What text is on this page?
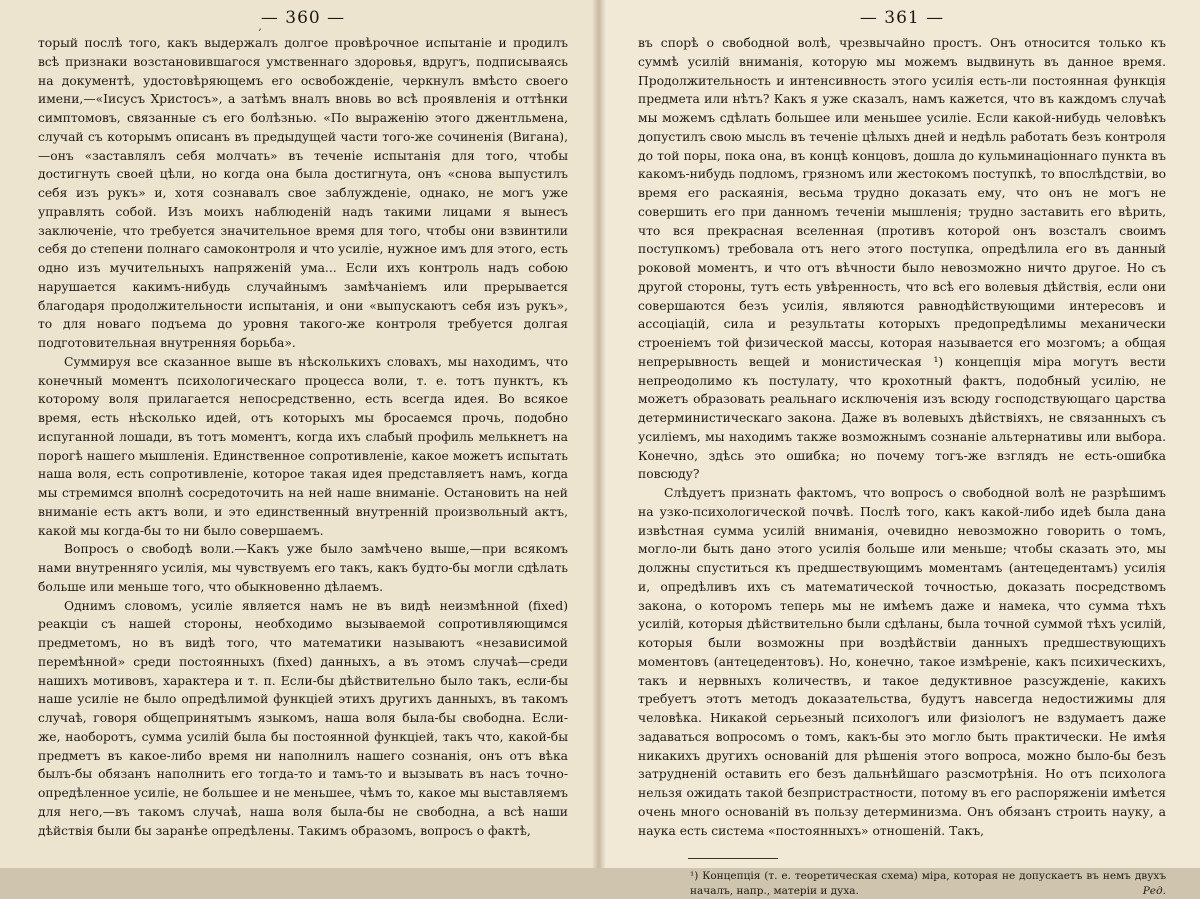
— 360 —
ʼ

торый послѣ того, какъ выдержалъ долгое провѣрочное испытаніе и продилъ всѣ признаки возстановившагося умственнаго здоровья, вдругъ, подписываясь на документѣ, удостовѣряющемъ его освобожденіе, черкнулъ вмѣсто своего имени,—«Іисусъ Христосъ», а затѣмъ вналъ вновь во всѣ проявленія и оттѣнки симптомовъ, связанные съ его болѣзнью. «По выраженію этого джентльмена, случай съ которымъ описанъ въ предыдущей части того-же сочиненія (Вигана),—онъ «заставлялъ себя молчать» въ теченіе испытанія для того, чтобы достигнуть своей цѣли, но когда она была достигнута, онъ «снова выпустилъ себя изъ рукъ» и, хотя сознавалъ свое заблужденіе, однако, не могъ уже управлять собой. Изъ моихъ наблюденій надъ такими лицами я вынесъ заключеніе, что требуется значительное время для того, чтобы они взвинтили себя до степени полнаго самоконтроля и что усиліе, нужное имъ для этого, есть одно изъ мучительныхъ напряженій ума... Если ихъ контроль надъ собою нарушается какимъ-нибудь случайнымъ замѣчаніемъ или прерывается благодаря продолжительности испытанія, и они «выпускаютъ себя изъ рукъ», то для новаго подъема до уровня такого-же контроля требуется долгая подготовительная внутренняя борьба».

Суммируя все сказанное выше въ нѣсколькихъ словахъ, мы находимъ, что конечный моментъ психологическаго процесса воли, т. е. тотъ пунктъ, къ которому воля прилагается непосредственно, есть всегда идея. Во всякое время, есть нѣсколько идей, отъ которыхъ мы бросаемся прочь, подобно испуганной лошади, въ тотъ моментъ, когда ихъ слабый профиль мелькнетъ на порогѣ нашего мышленія. Единственное сопротивленіе, какое можетъ испытать наша воля, есть сопротивленіе, которое такая идея представляетъ намъ, когда мы стремимся вполнѣ сосредоточить на ней наше вниманіе. Остановить на ней вниманіе есть актъ воли, и это единственный внутренній произвольный актъ, какой мы когда-бы то ни было совершаемъ.

Вопросъ о свободѣ воли.—Какъ уже было замѣчено выше,—при всякомъ нами внутренняго усилія, мы чувствуемъ его такъ, какъ будто-бы могли сдѣлать больше или меньше того, что обыкновенно дѣлаемъ.

Однимъ словомъ, усиліе является намъ не въ видѣ неизмѣнной (fixed) реакціи съ нашей стороны, необходимо вызываемой сопротивляющимся предметомъ, но въ видѣ того, что математики называютъ «независимой перемѣнной» среди постоянныхъ (fixed) данныхъ, а въ этомъ случаѣ—среди нашихъ мотивовъ, характера и т. п. Если-бы дѣйствительно было такъ, если-бы наше усиліе не было опредѣлимой функціей этихъ другихъ данныхъ, въ такомъ случаѣ, говоря общепринятымъ языкомъ, наша воля была-бы свободна. Если-же, наоборотъ, сумма усилій была бы постоянной функціей, такъ что, какой-бы предметъ въ какое-либо время ни наполнилъ нашего сознанія, онъ отъ вѣка былъ-бы обязанъ наполнить его тогда-то и тамъ-то и вызывать въ насъ точно-опредѣленное усиліе, не большее и не меньшее, чѣмъ то, какое мы выставляемъ для него,—въ такомъ случаѣ, наша воля была-бы не свободна, а всѣ наши дѣйствія были бы заранѣе опредѣлены. Такимъ образомъ, вопросъ о фактѣ,

— 361 —

въ спорѣ о свободной волѣ, чрезвычайно простъ. Онъ относится только къ суммѣ усилій вниманія, которую мы можемъ выдвинуть въ данное время. Продолжительность и интенсивность этого усилія есть-ли постоянная функція предмета или нѣтъ? Какъ я уже сказалъ, намъ кажется, что въ каждомъ случаѣ мы можемъ сдѣлать большее или меньшее усиліе. Если какой-нибудь человѣкъ допустилъ свою мысль въ теченіе цѣлыхъ дней и недѣль работать безъ контроля до той поры, пока она, въ концѣ концовъ, дошла до кульминаціоннаго пункта въ какомъ-нибудь подломъ, грязномъ или жестокомъ поступкѣ, то впослѣдствіи, во время его раскаянія, весьма трудно доказать ему, что онъ не могъ не совершить его при данномъ теченіи мышленія; трудно заставить его вѣрить, что вся прекрасная вселенная (противъ которой онъ возсталъ своимъ поступкомъ) требовала отъ него этого поступка, опредѣлила его въ данный роковой моментъ, и что отъ вѣчности было невозможно ничто другое. Но съ другой стороны, тутъ есть увѣренность, что всѣ его волевыя дѣйствія, если они совершаются безъ усилія, являются равнодѣйствующими интересовъ и ассоціацій, сила и результаты которыхъ предопредѣлимы механически строеніемъ той физической массы, которая называется его мозгомъ; а общая непрерывность вещей и монистическая ¹) концепція міра могутъ вести непреодолимо къ постулату, что крохотный фактъ, подобный усилію, не можетъ образовать реальнаго исключенія изъ всюду господствующаго царства детерминистическаго закона. Даже въ волевыхъ дѣйствіяхъ, не связанныхъ съ усиліемъ, мы находимъ также возможнымъ сознаніе альтернативы или выбора. Конечно, здѣсь это ошибка; но почему тогъ-же взглядъ не есть-ошибка повсюду?

Слѣдуетъ признать фактомъ, что вопросъ о свободной волѣ не разрѣшимъ на узко-психологической почвѣ. Послѣ того, какъ какой-либо идеѣ была дана извѣстная сумма усилій вниманія, очевидно невозможно говорить о томъ, могло-ли быть дано этого усилія больше или меньше; чтобы сказать это, мы должны спуститься къ предшествующимъ моментамъ (антецедентамъ) усилія и, опредѣливъ ихъ съ математической точностью, доказать посредствомъ закона, о которомъ теперь мы не имѣемъ даже и намека, что сумма тѣхъ усилій, которыя дѣйствительно были сдѣланы, была точной суммой тѣхъ усилій, которыя были возможны при воздѣйствіи данныхъ предшествующихъ моментовъ (антецедентовъ). Но, конечно, такое измѣреніе, какъ психическихъ, такъ и нервныхъ количествъ, и такое дедуктивное разсужденіе, какихъ требуетъ этотъ методъ доказательства, будутъ навсегда недостижимы для человѣка. Никакой серьезный психологъ или физіологъ не вздумаетъ даже задаваться вопросомъ о томъ, какъ-бы это могло быть практически. Не имѣя никакихъ другихъ основаній для рѣшенія этого вопроса, можно было-бы безъ затрудненій оставить его безъ дальнѣйшаго разсмотрѣнія. Но отъ психолога нельзя ожидать такой безпристрастности, потому въ его распоряженіи имѣется очень много основаній въ пользу детерминизма. Онъ обязанъ строить науку, а наука есть система «постоянныхъ» отношеній. Такъ,

¹) Концепція (т. е. теоретическая схема) міра, которая не допускаетъ въ немъ двухъ началъ, напр., матеріи и духа.	Ред.
